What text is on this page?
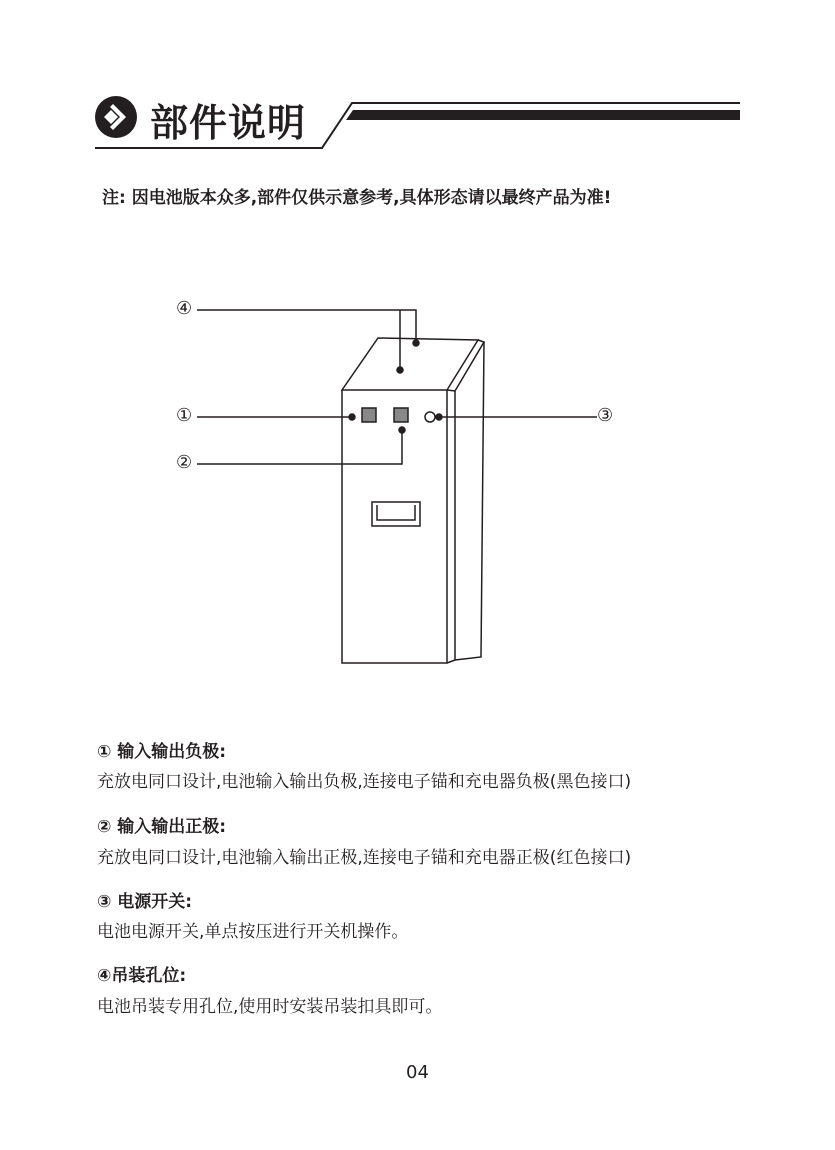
部件说明
注: 因电池版本众多,部件仅供示意参考,具体形态请以最终产品为准!
④
①
②
③
① 输入输出负极:
充放电同口设计,电池输入输出负极,连接电子锚和充电器负极(黑色接口)
② 输入输出正极:
充放电同口设计,电池输入输出正极,连接电子锚和充电器正极(红色接口)
③ 电源开关:
电池电源开关,单点按压进行开关机操作。
④吊装孔位:
电池吊装专用孔位,使用时安装吊装扣具即可。
04
